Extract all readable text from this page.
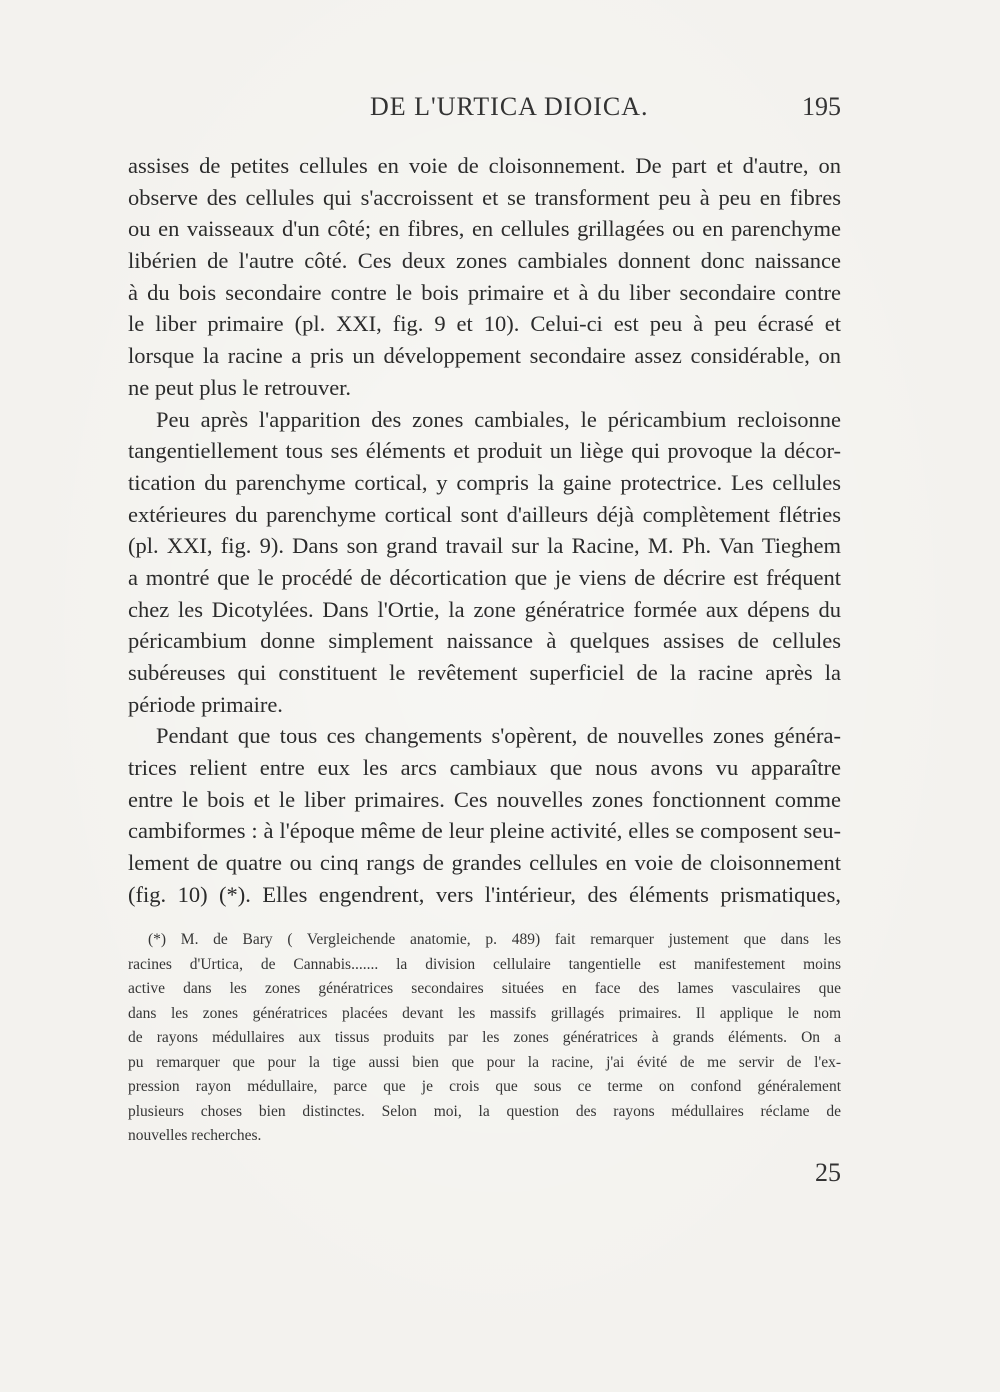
DE L'URTICA DIOICA.	195
assises de petites cellules en voie de cloisonnement. De part et d'autre, on
observe des cellules qui s'accroissent et se transforment peu à peu en fibres
ou en vaisseaux d'un côté; en fibres, en cellules grillagées ou en parenchyme
libérien de l'autre côté. Ces deux zones cambiales donnent donc naissance
à du bois secondaire contre le bois primaire et à du liber secondaire contre
le liber primaire (pl. XXI, fig. 9 et 10). Celui-ci est peu à peu écrasé et
lorsque la racine a pris un développement secondaire assez considérable, on
ne peut plus le retrouver.
Peu après l'apparition des zones cambiales, le péricambium recloisonne
tangentiellement tous ses éléments et produit un liège qui provoque la décor-
tication du parenchyme cortical, y compris la gaine protectrice. Les cellules
extérieures du parenchyme cortical sont d'ailleurs déjà complètement flétries
(pl. XXI, fig. 9). Dans son grand travail sur la Racine, M. Ph. Van Tieghem
a montré que le procédé de décortication que je viens de décrire est fréquent
chez les Dicotylées. Dans l'Ortie, la zone génératrice formée aux dépens du
péricambium donne simplement naissance à quelques assises de cellules
subéreuses qui constituent le revêtement superficiel de la racine après la
période primaire.
Pendant que tous ces changements s'opèrent, de nouvelles zones généra-
trices relient entre eux les arcs cambiaux que nous avons vu apparaître
entre le bois et le liber primaires. Ces nouvelles zones fonctionnent comme
cambiformes : à l'époque même de leur pleine activité, elles se composent seu-
lement de quatre ou cinq rangs de grandes cellules en voie de cloisonnement
(fig. 10) (*). Elles engendrent, vers l'intérieur, des éléments prismatiques,
(*) M. de Bary ( Vergleichende anatomie, p. 489) fait remarquer justement que dans les
racines d'Urtica, de Cannabis....... la division cellulaire tangentielle est manifestement moins
active dans les zones génératrices secondaires situées en face des lames vasculaires que
dans les zones génératrices placées devant les massifs grillagés primaires. Il applique le nom
de rayons médullaires aux tissus produits par les zones génératrices à grands éléments. On a
pu remarquer que pour la tige aussi bien que pour la racine, j'ai évité de me servir de l'ex-
pression rayon médullaire, parce que je crois que sous ce terme on confond généralement
plusieurs choses bien distinctes. Selon moi, la question des rayons médullaires réclame de
nouvelles recherches.
25
